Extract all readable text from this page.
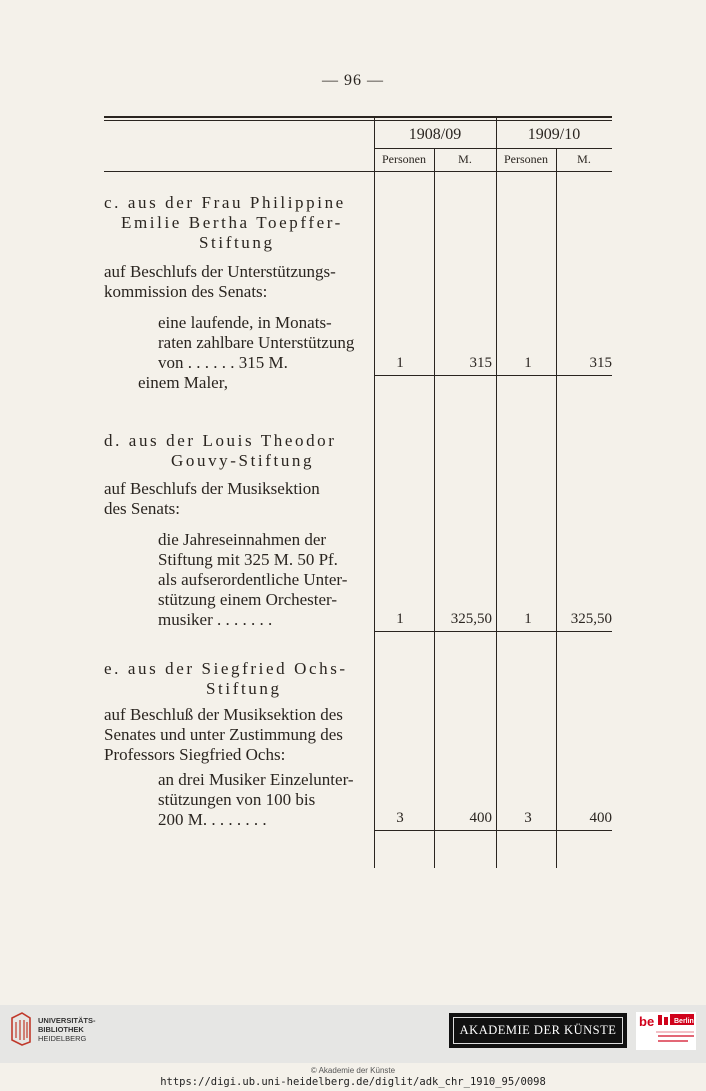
— 96 —
1908/09	1909/10
Personen	M.	Personen	M.
c. aus der Frau Philippine
Emilie Bertha Toepffer-
Stiftung
auf Beschlufs der Unterstützungs-
kommission des Senats:
eine laufende, in Monats-
raten zahlbare Unterstützung
von . . . . . . 315 M.
einem Maler,
1	315	1	315
d. aus der Louis Theodor
Gouvy-Stiftung
auf Beschlufs der Musiksektion
des Senats:
die Jahreseinnahmen der
Stiftung mit 325 M. 50 Pf.
als aufserordentliche Unter-
stützung einem Orchester-
musiker . . . . . . .	1	325,50	1	325,50
e. aus der Siegfried Ochs-
Stiftung
auf Beschluß der Musiksektion des
Senates und unter Zustimmung des
Professors Siegfried Ochs:
an drei Musiker Einzelunter-
stützungen von 100 bis
200 M. . . . . . . .	3	400	3	400
UNIVERSITÄTS-
BIBLIOTHEK
HEIDELBERG
AKADEMIE DER KÜNSTE
be	Berlin
© Akademie der Künste
https://digi.ub.uni-heidelberg.de/diglit/adk_chr_1910_95/0098
